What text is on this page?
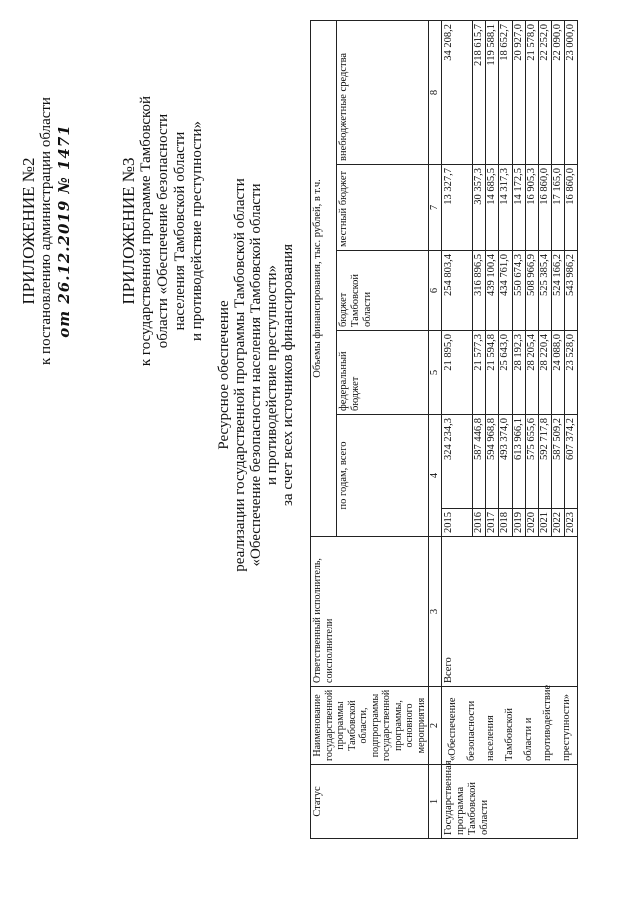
ПРИЛОЖЕНИЕ №2 к постановлению администрации области от 26.12.2019 № 1471	ПРИЛОЖЕНИЕ №3 к государственной программе Тамбовской области «Обеспечение безопасности населения Тамбовской области и противодействие преступности»
Ресурсное обеспечение реализации государственной программы Тамбовской области «Обеспечение безопасности населения Тамбовской области и противодействие преступности» за счет всех источников финансирования
Статус	Наименование государственной программы Тамбовской области, подпрограммы государственной программы, основного мероприятия	Ответственный исполнитель, соисполнители	Объемы финансирования, тыс. рублей, в т.ч.					
			по годам, всего		федеральный бюджет	бюджет Тамбовской области	местный бюджет	внебюджетные средства
1	2	3	4		5	6	7	8
Государственная программа Тамбовской области	«Обеспечение безопасности населения Тамбовской области и противодействие преступности»	Всего	2015	324 234,3	21 895,0	254 803,4	13 327,7	34 208,2
			2016	587 446,8	21 577,3	316 896,5	30 357,3	218 615,7
			2017	594 968,8	21 594,8	439 100,4	14 685,5	119 588,1
			2018	493 374,0	25 643,0	434 761,0	14 317,3	18 652,7
			2019	613 966,1	28 192,3	550 674,3	14 172,5	20 927,0
			2020	575 655,6	28 205,4	508 966,9	16 905,3	21 578,0
			2021	592 717,8	28 220,4	525 385,4	16 860,0	22 252,0
			2022	587 509,2	24 088,0	524 166,2	17 165,0	22 090,0
			2023	607 374,2	23 528,0	543 986,2	16 860,0	23 000,0
